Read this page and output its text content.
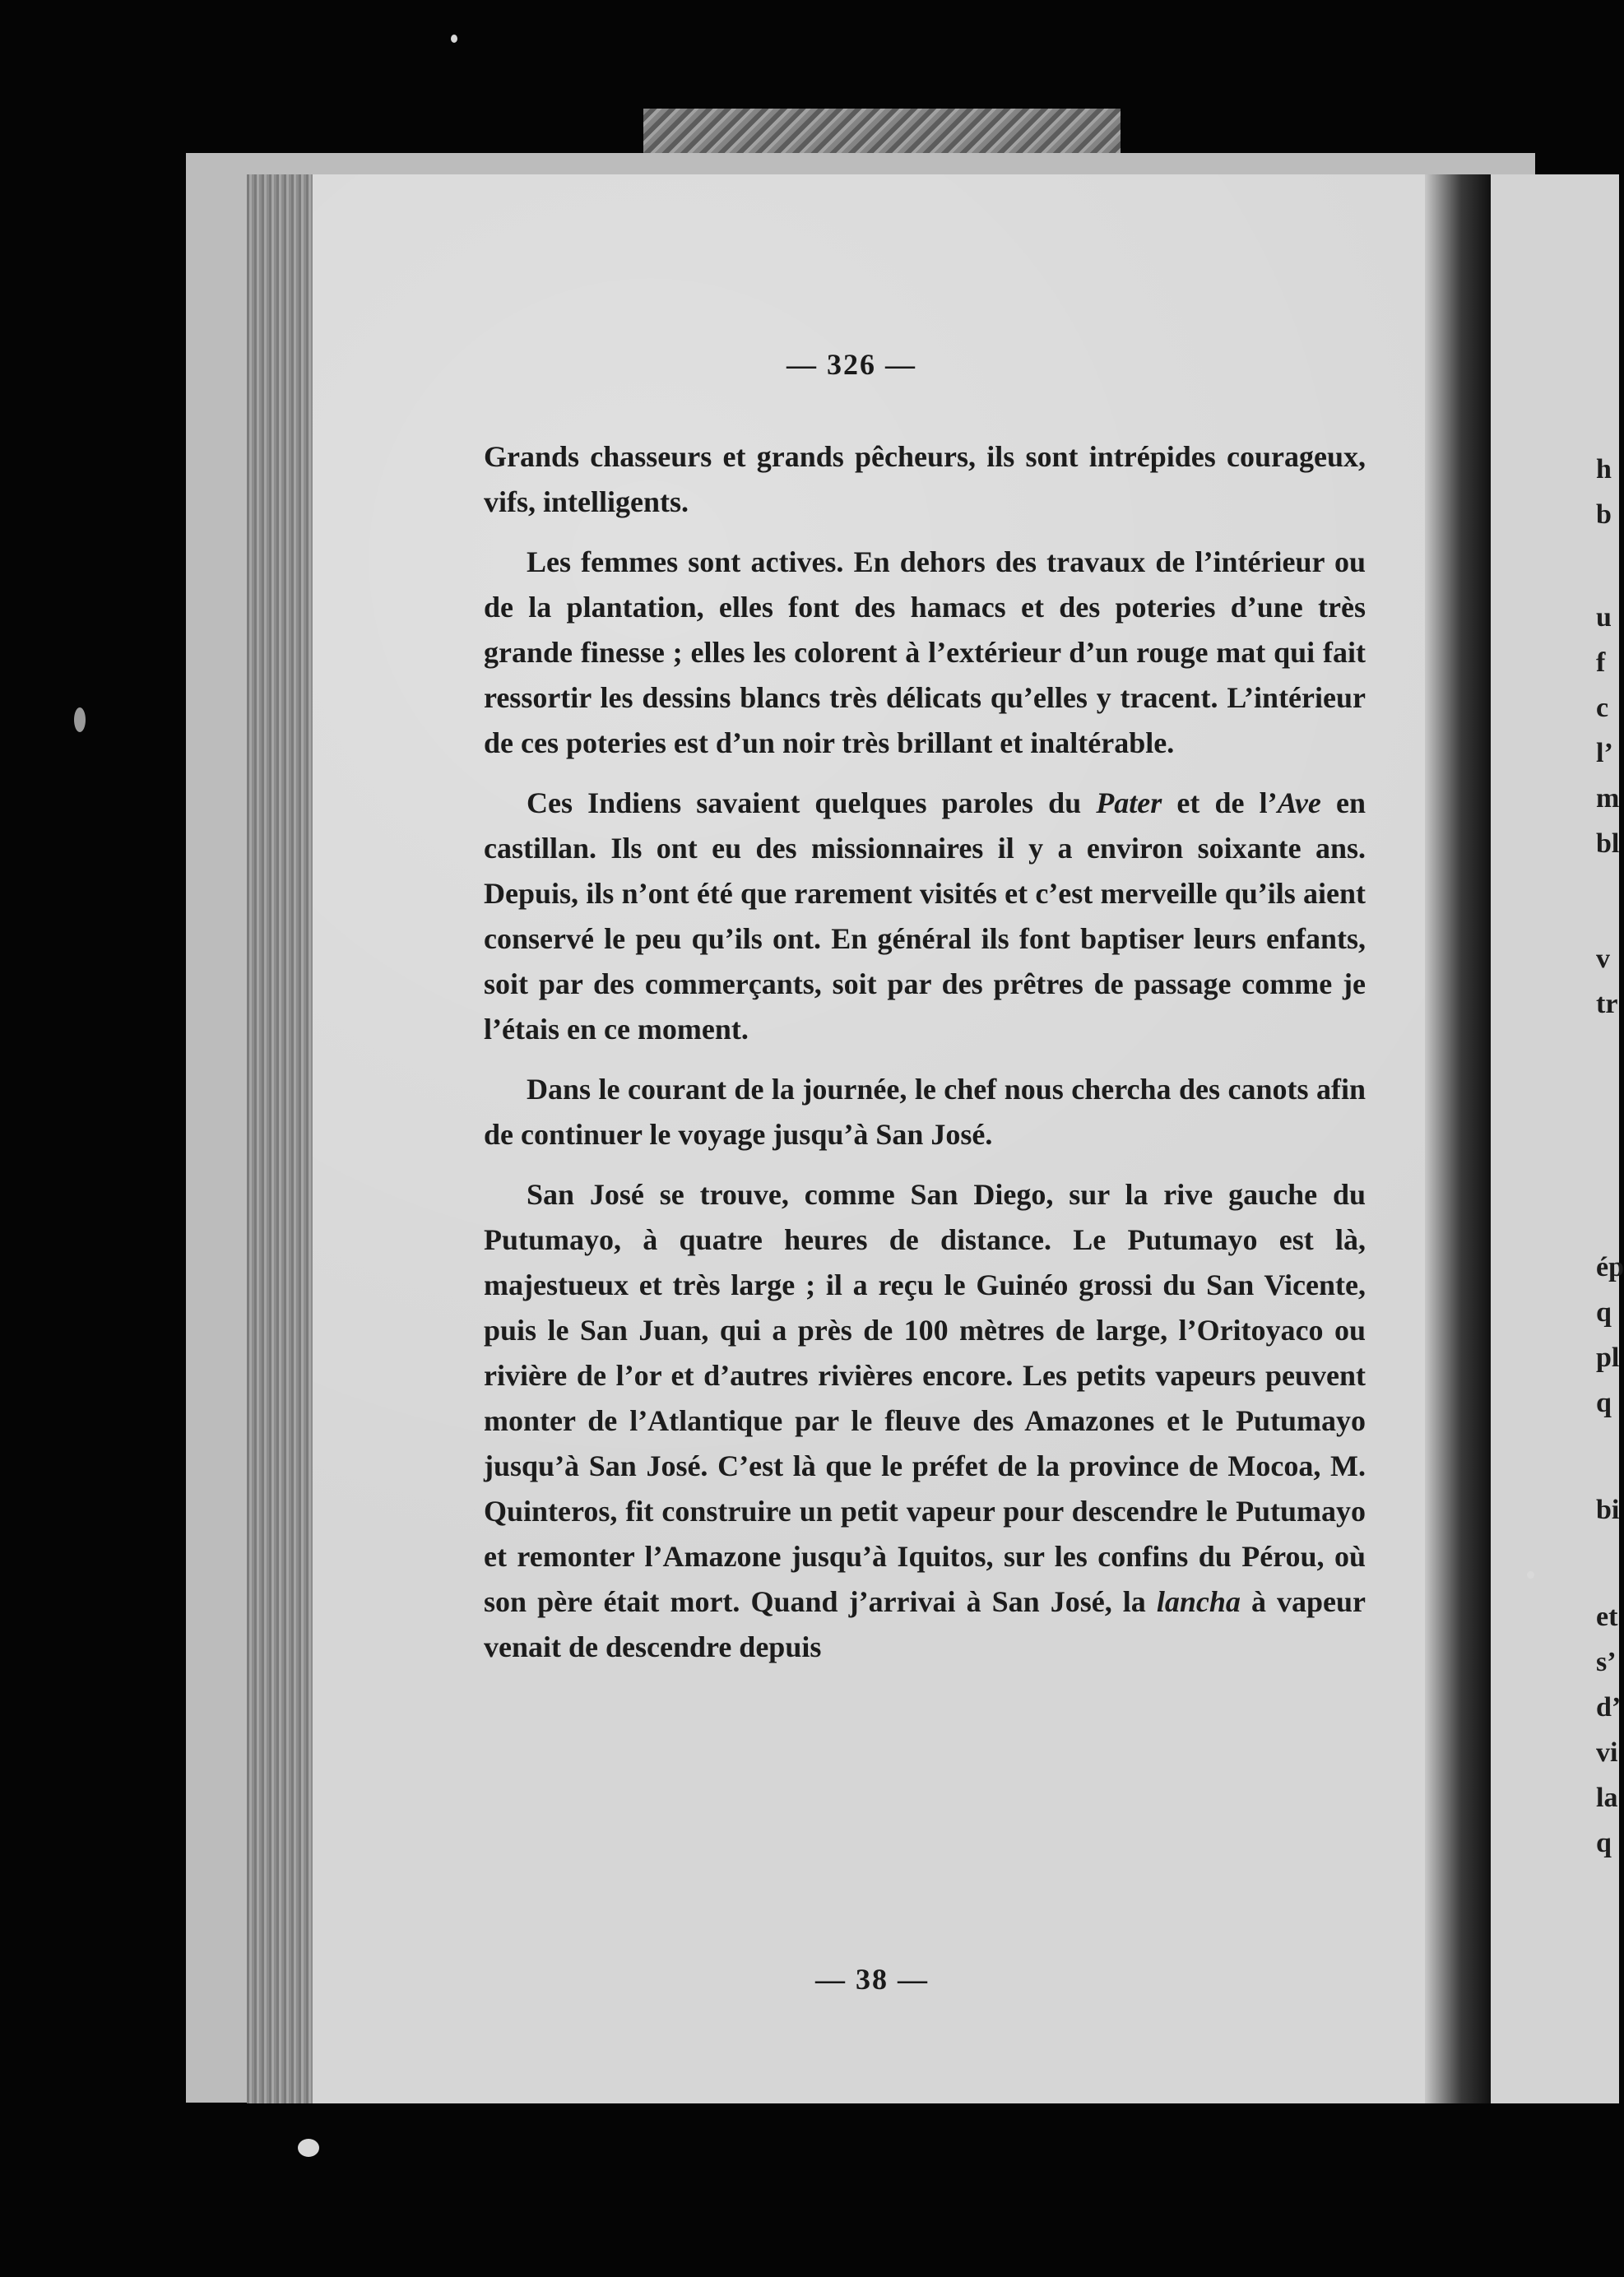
h
b
u
f
c
l’
m
bl
v
tr
ép
q
pl
q
bi
et
s’
d’
vi
la
q
— 326 —

Grands chasseurs et grands pêcheurs, ils sont intrépides courageux, vifs, intelligents.

Les femmes sont actives. En dehors des travaux de l’intérieur ou de la plantation, elles font des hamacs et des poteries d’une très grande finesse ; elles les colorent à l’extérieur d’un rouge mat qui fait ressortir les dessins blancs très délicats qu’elles y tracent. L’intérieur de ces poteries est d’un noir très brillant et inaltérable.

Ces Indiens savaient quelques paroles du Pater et de l’Ave en castillan. Ils ont eu des missionnaires il y a environ soixante ans. Depuis, ils n’ont été que rarement visités et c’est merveille qu’ils aient conservé le peu qu’ils ont. En général ils font baptiser leurs enfants, soit par des commerçants, soit par des prêtres de passage comme je l’étais en ce moment.

Dans le courant de la journée, le chef nous chercha des canots afin de continuer le voyage jusqu’à San José.

San José se trouve, comme San Diego, sur la rive gauche du Putumayo, à quatre heures de distance. Le Putumayo est là, majestueux et très large ; il a reçu le Guinéo grossi du San Vicente, puis le San Juan, qui a près de 100 mètres de large, l’Oritoyaco ou rivière de l’or et d’autres rivières encore. Les petits vapeurs peuvent monter de l’Atlantique par le fleuve des Amazones et le Putumayo jusqu’à San José. C’est là que le préfet de la province de Mocoa, M. Quinteros, fit construire un petit vapeur pour descendre le Putumayo et remonter l’Amazone jusqu’à Iquitos, sur les confins du Pérou, où son père était mort. Quand j’arrivai à San José, la lancha à vapeur venait de descendre depuis

— 38 —
